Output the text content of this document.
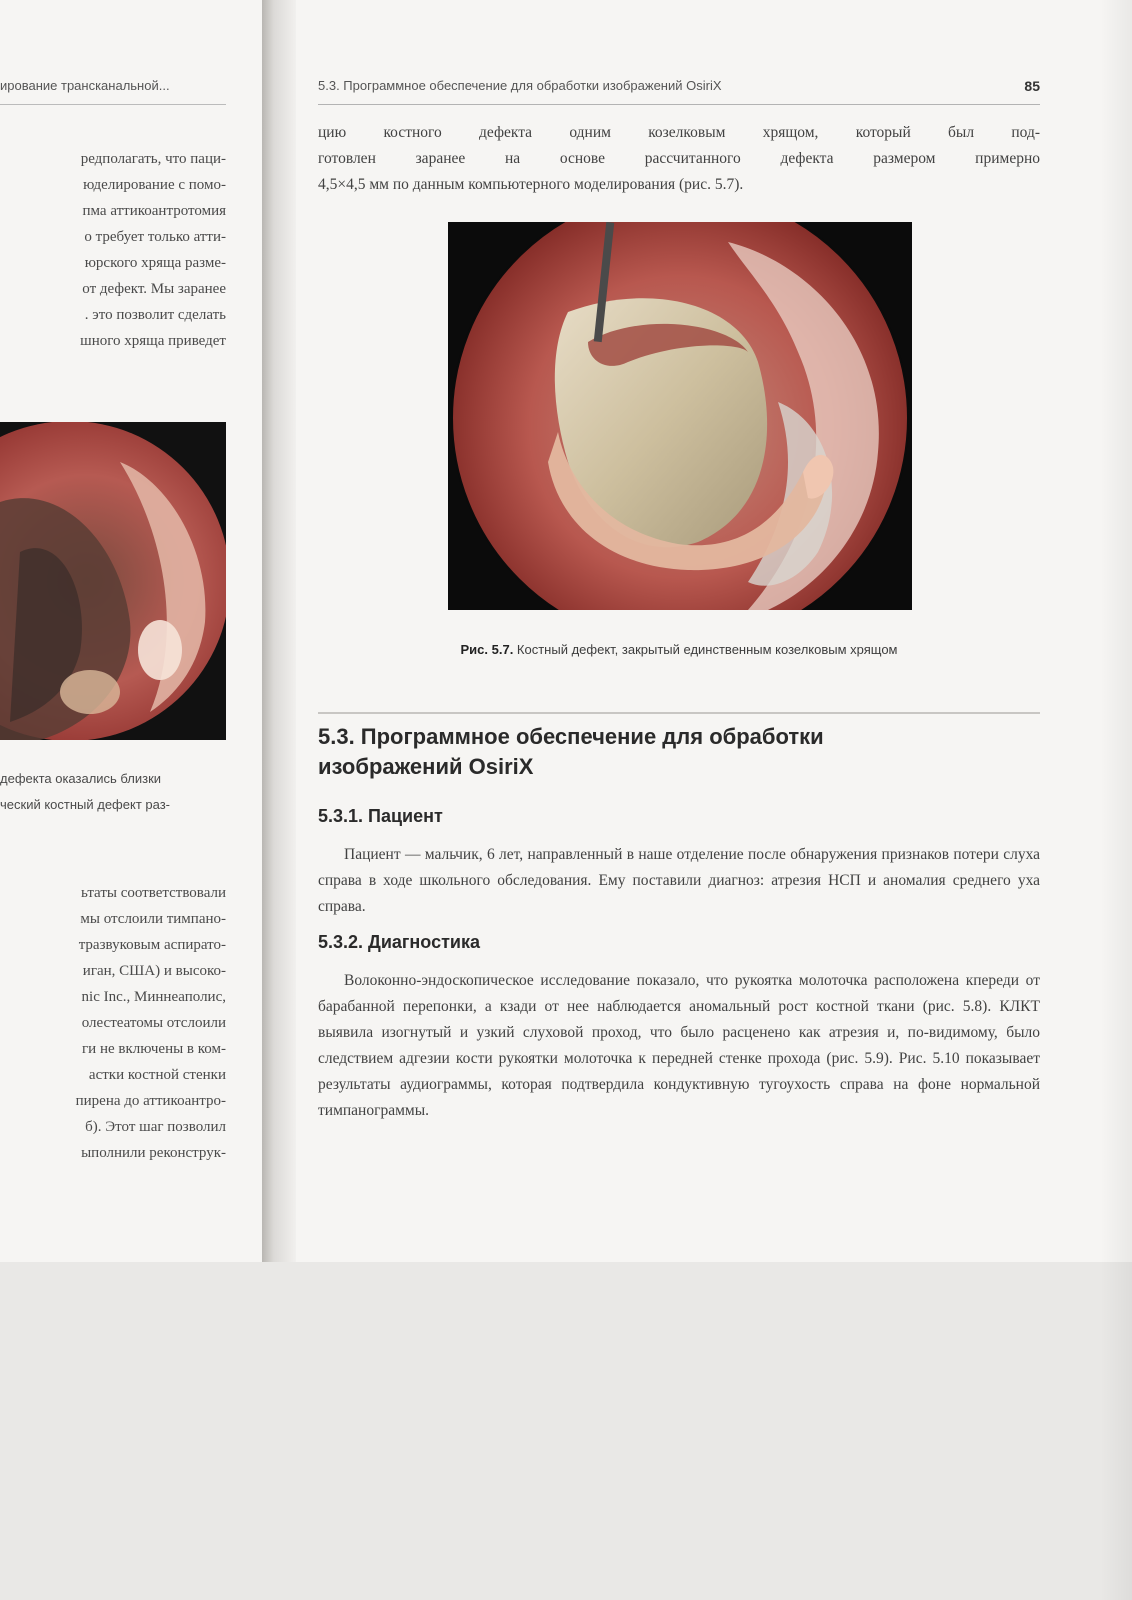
ирование трансканальной...
редполагать, что паци-
юделирование с помо-
пма аттикоантротомия
о требует только атти-
юрского хряща разме-
от дефект. Мы заранее
. это позволит сделать
шного хряща приведет
дефекта оказались близки
ческий костный дефект раз-
ьтаты соответствовали
мы отслоили тимпано-
тразвуковым аспирато-
иган, США) и высоко-
nic Inc., Миннеаполис,
олестеатомы отслоили
ги не включены в ком-
астки костной стенки
пирена до аттикоантро-
б). Этот шаг позволил
ыполнили реконструк-
5.3. Программное обеспечение для обработки изображений OsiriX	85

цию костного дефекта одним козелковым хрящом, который был под-

готовлен заранее на основе рассчитанного дефекта размером примерно

4,5×4,5 мм по данным компьютерного моделирования (рис. 5.7).

Рис. 5.7. Костный дефект, закрытый единственным козелковым хрящом
5.3. Программное обеспечение для обработки изображений OsiriX
5.3.1. Пациент

Пациент — мальчик, 6 лет, направленный в наше отделение после обнаружения признаков потери слуха справа в ходе школьного обследования. Ему поставили диагноз: атрезия НСП и аномалия среднего уха справа.

5.3.2. Диагностика

Волоконно-эндоскопическое исследование показало, что рукоятка молоточка расположена кпереди от барабанной перепонки, а кзади от нее наблюдается аномальный рост костной ткани (рис. 5.8). КЛКТ выявила изогнутый и узкий слуховой проход, что было расценено как атрезия и, по-видимому, было следствием адгезии кости рукоятки молоточка к передней стенке прохода (рис. 5.9). Рис. 5.10 показывает результаты аудиограммы, которая подтвердила кондуктивную тугоухость справа на фоне нормальной тимпанограммы.
